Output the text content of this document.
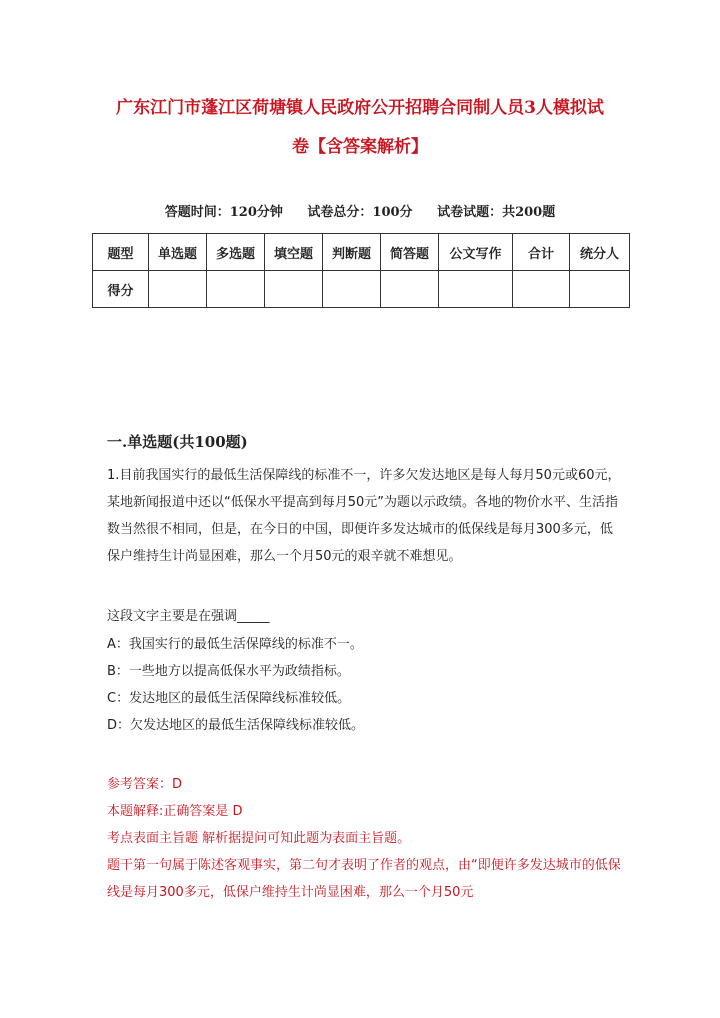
广东江门市蓬江区荷塘镇人民政府公开招聘合同制人员3人模拟试
卷【含答案解析】
答题时间：120分钟 试卷总分：100分 试卷试题：共200题
题型	单选题	多选题	填空题	判断题	简答题	公文写作	合计	统分人
得分								
一.单选题(共100题)
1.目前我国实行的最低生活保障线的标准不一，许多欠发达地区是每人每月50元或60元，某地新闻报道中还以“低保水平提高到每月50元”为题以示政绩。各地的物价水平、生活指数当然很不相同，但是，在今日的中国，即便许多发达城市的低保线是每月300多元，低保户维持生计尚显困难，那么一个月50元的艰辛就不难想见。
这段文字主要是在强调_____

A：我国实行的最低生活保障线的标准不一。

B：一些地方以提高低保水平为政绩指标。

C：发达地区的最低生活保障线标准较低。

D：欠发达地区的最低生活保障线标准较低。

参考答案：D

本题解释:正确答案是 D

考点表面主旨题 解析据提问可知此题为表面主旨题。

题干第一句属于陈述客观事实，第二句才表明了作者的观点，由“即便许多发达城市的低保线是每月300多元，低保户维持生计尚显困难，那么一个月50元
